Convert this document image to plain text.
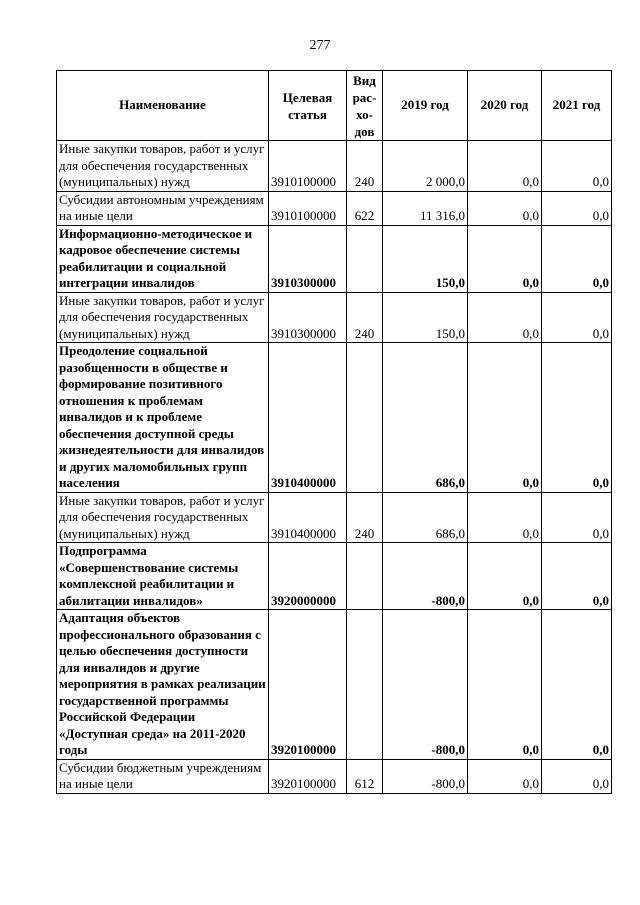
277
Наименование	Целевая статья	Вид рас-хо-дов	2019 год	2020 год	2021 год
Иные закупки товаров, работ и услуг для обеспечения государственных (муниципальных) нужд	3910100000	240	2 000,0	0,0	0,0
Субсидии автономным учреждениям на иные цели	3910100000	622	11 316,0	0,0	0,0
Информационно-методическое и кадровое обеспечение системы реабилитации и социальной интеграции инвалидов	3910300000		150,0	0,0	0,0
Иные закупки товаров, работ и услуг для обеспечения государственных (муниципальных) нужд	3910300000	240	150,0	0,0	0,0
Преодоление социальной разобщенности в обществе и формирование позитивного отношения к проблемам инвалидов и к проблеме обеспечения доступной среды жизнедеятельности для инвалидов и других маломобильных групп населения	3910400000		686,0	0,0	0,0
Иные закупки товаров, работ и услуг для обеспечения государственных (муниципальных) нужд	3910400000	240	686,0	0,0	0,0
Подпрограмма «Совершенствование системы комплексной реабилитации и абилитации инвалидов»	3920000000		-800,0	0,0	0,0
Адаптация объектов профессионального образования с целью обеспечения доступности для инвалидов и другие мероприятия в рамках реализации государственной программы Российской Федерации «Доступная среда» на 2011-2020 годы	3920100000		-800,0	0,0	0,0
Субсидии бюджетным учреждениям на иные цели	3920100000	612	-800,0	0,0	0,0
